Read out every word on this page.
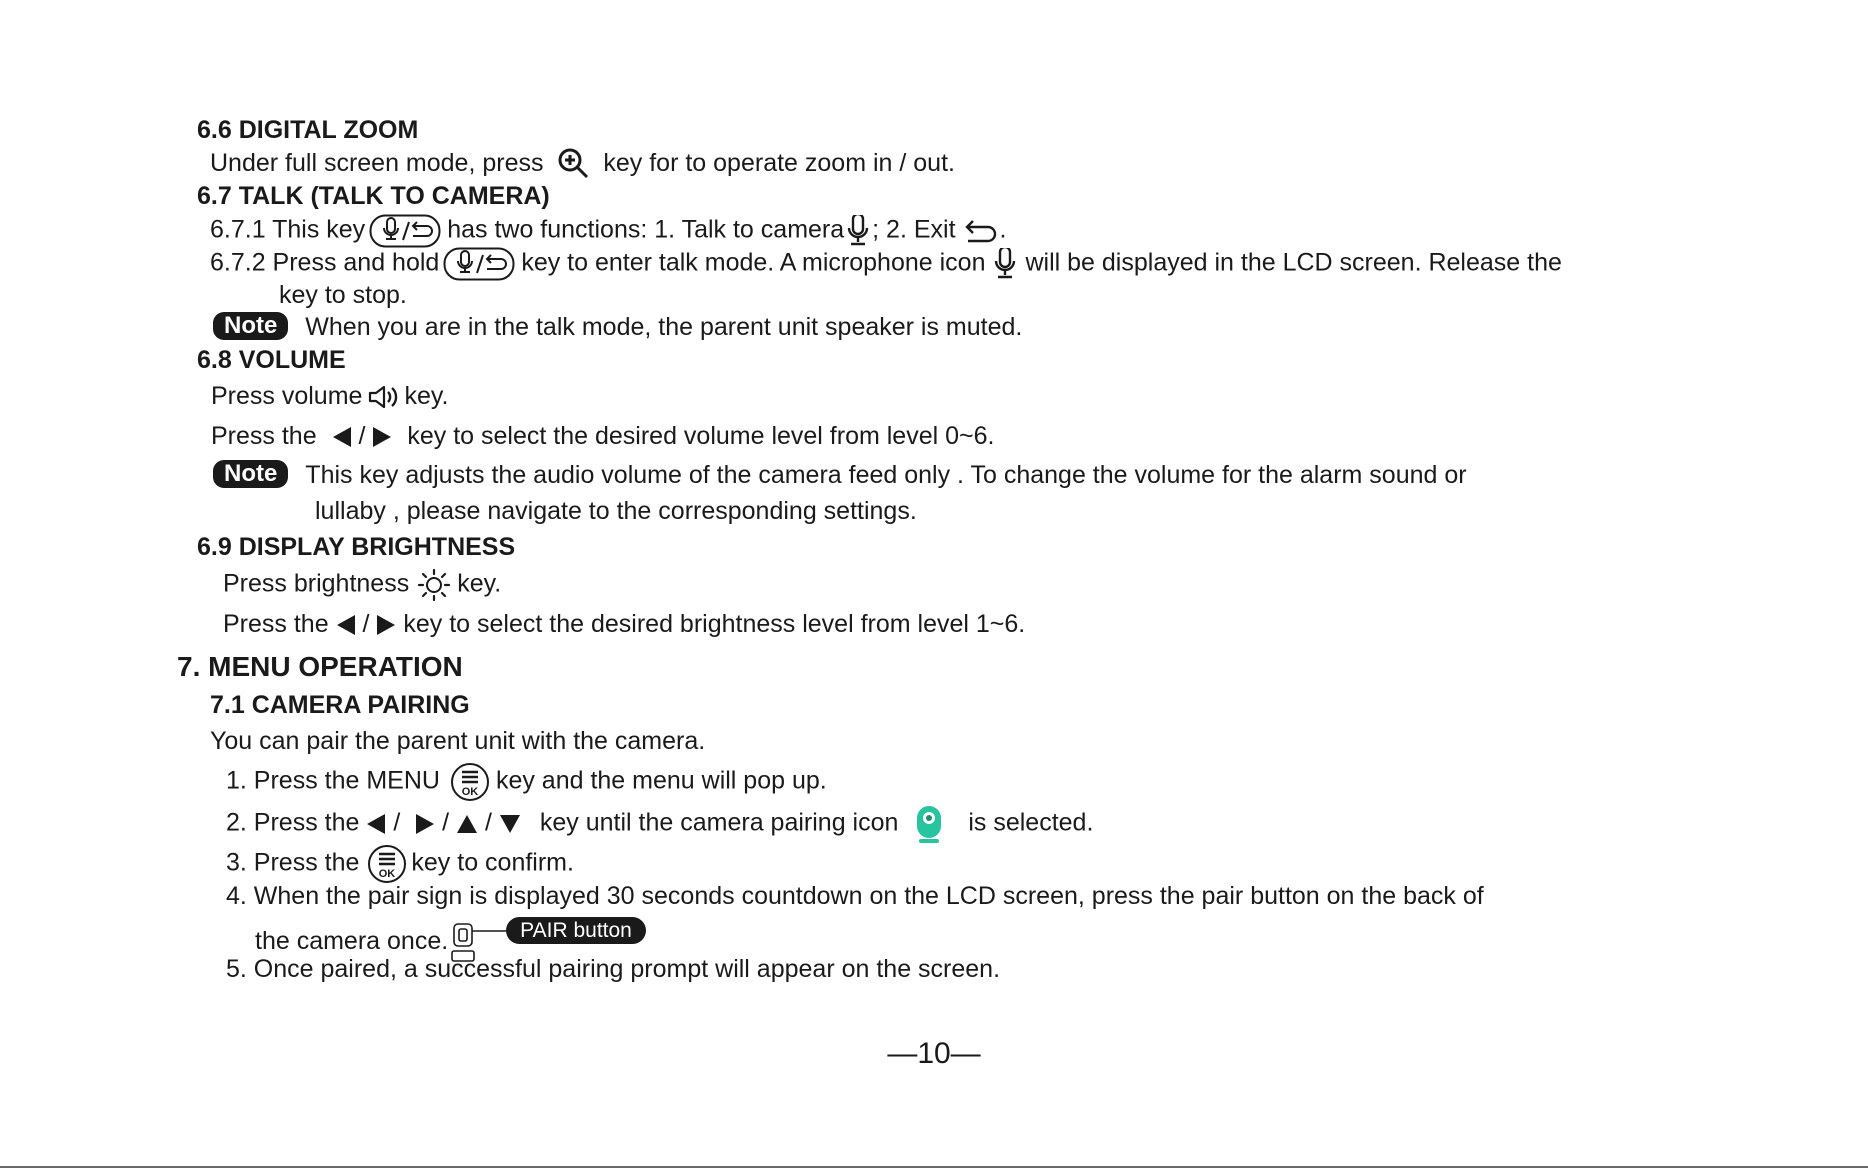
6.6 DIGITAL ZOOM
Under full screen mode, press key for to operate zoom in / out.
6.7 TALK (TALK TO CAMERA)
6.7.1 This key	has two functions: 1. Talk to camera ; 2. Exit .
6.7.2 Press and hold	key to enter talk mode. A microphone icon will be displayed in the LCD screen. Release the
key to stop.
Note When you are in the talk mode, the parent unit speaker is muted.
6.8 VOLUME
Press volume key.
Press the / key to select the desired volume level from level 0~6.
Note This key adjusts the audio volume of the camera feed only . To change the volume for the alarm sound or
lullaby , please navigate to the corresponding settings.
6.9 DISPLAY BRIGHTNESS
Press brightness key.
Press the / key to select the desired brightness level from level 1~6.
7. MENU OPERATION
7.1 CAMERA PAIRING
You can pair the parent unit with the camera.
1. Press the MENU OK key and the menu will pop up.
2. Press the / / / key until the camera pairing icon	is selected.
3. Press the OK key to confirm.
4. When the pair sign is displayed 30 seconds countdown on the LCD screen, press the pair button on the back of
the camera once.	PAIR button
5. Once paired, a successful pairing prompt will appear on the screen.
—10—
